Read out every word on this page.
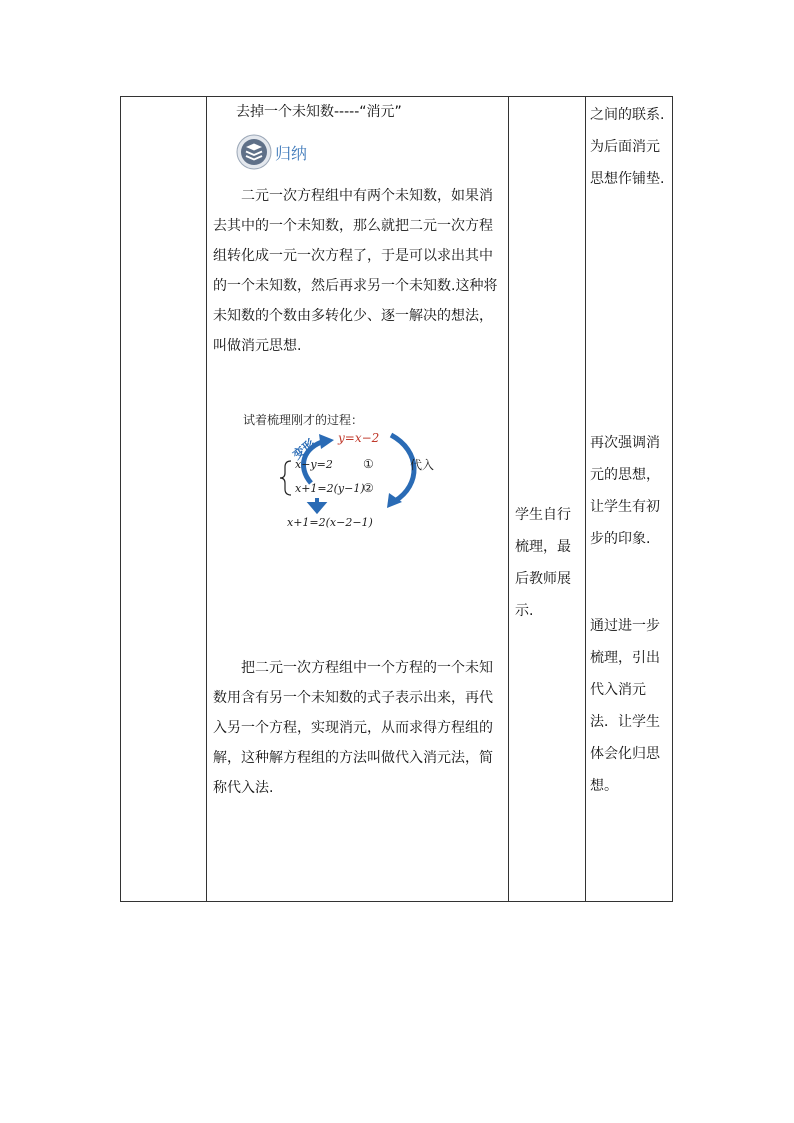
去掉一个未知数-----“消元”

归纳

二元一次方程组中有两个未知数，如果消去其中的一个未知数，那么就把二元一次方程组转化成一元一次方程了，于是可以求出其中的一个未知数，然后再求另一个未知数.这种将未知数的个数由多转化少、逐一解决的想法，叫做消元思想.

试着梳理刚才的过程：
变形 y=x−2
代入
x−y=2	①
x+1=2(y−1)
②
x+1=2(x−2−1)

把二元一次方程组中一个方程的一个未知数用含有另一个未知数的式子表示出来，再代入另一个方程，实现消元，从而求得方程组的解，这种解方程组的方法叫做代入消元法，简称代入法.

学生自行梳理，最后教师展示.

之间的联系.为后面消元思想作铺垫.

再次强调消元的思想，让学生有初步的印象.

通过进一步梳理，引出代入消元法．让学生体会化归思想。
